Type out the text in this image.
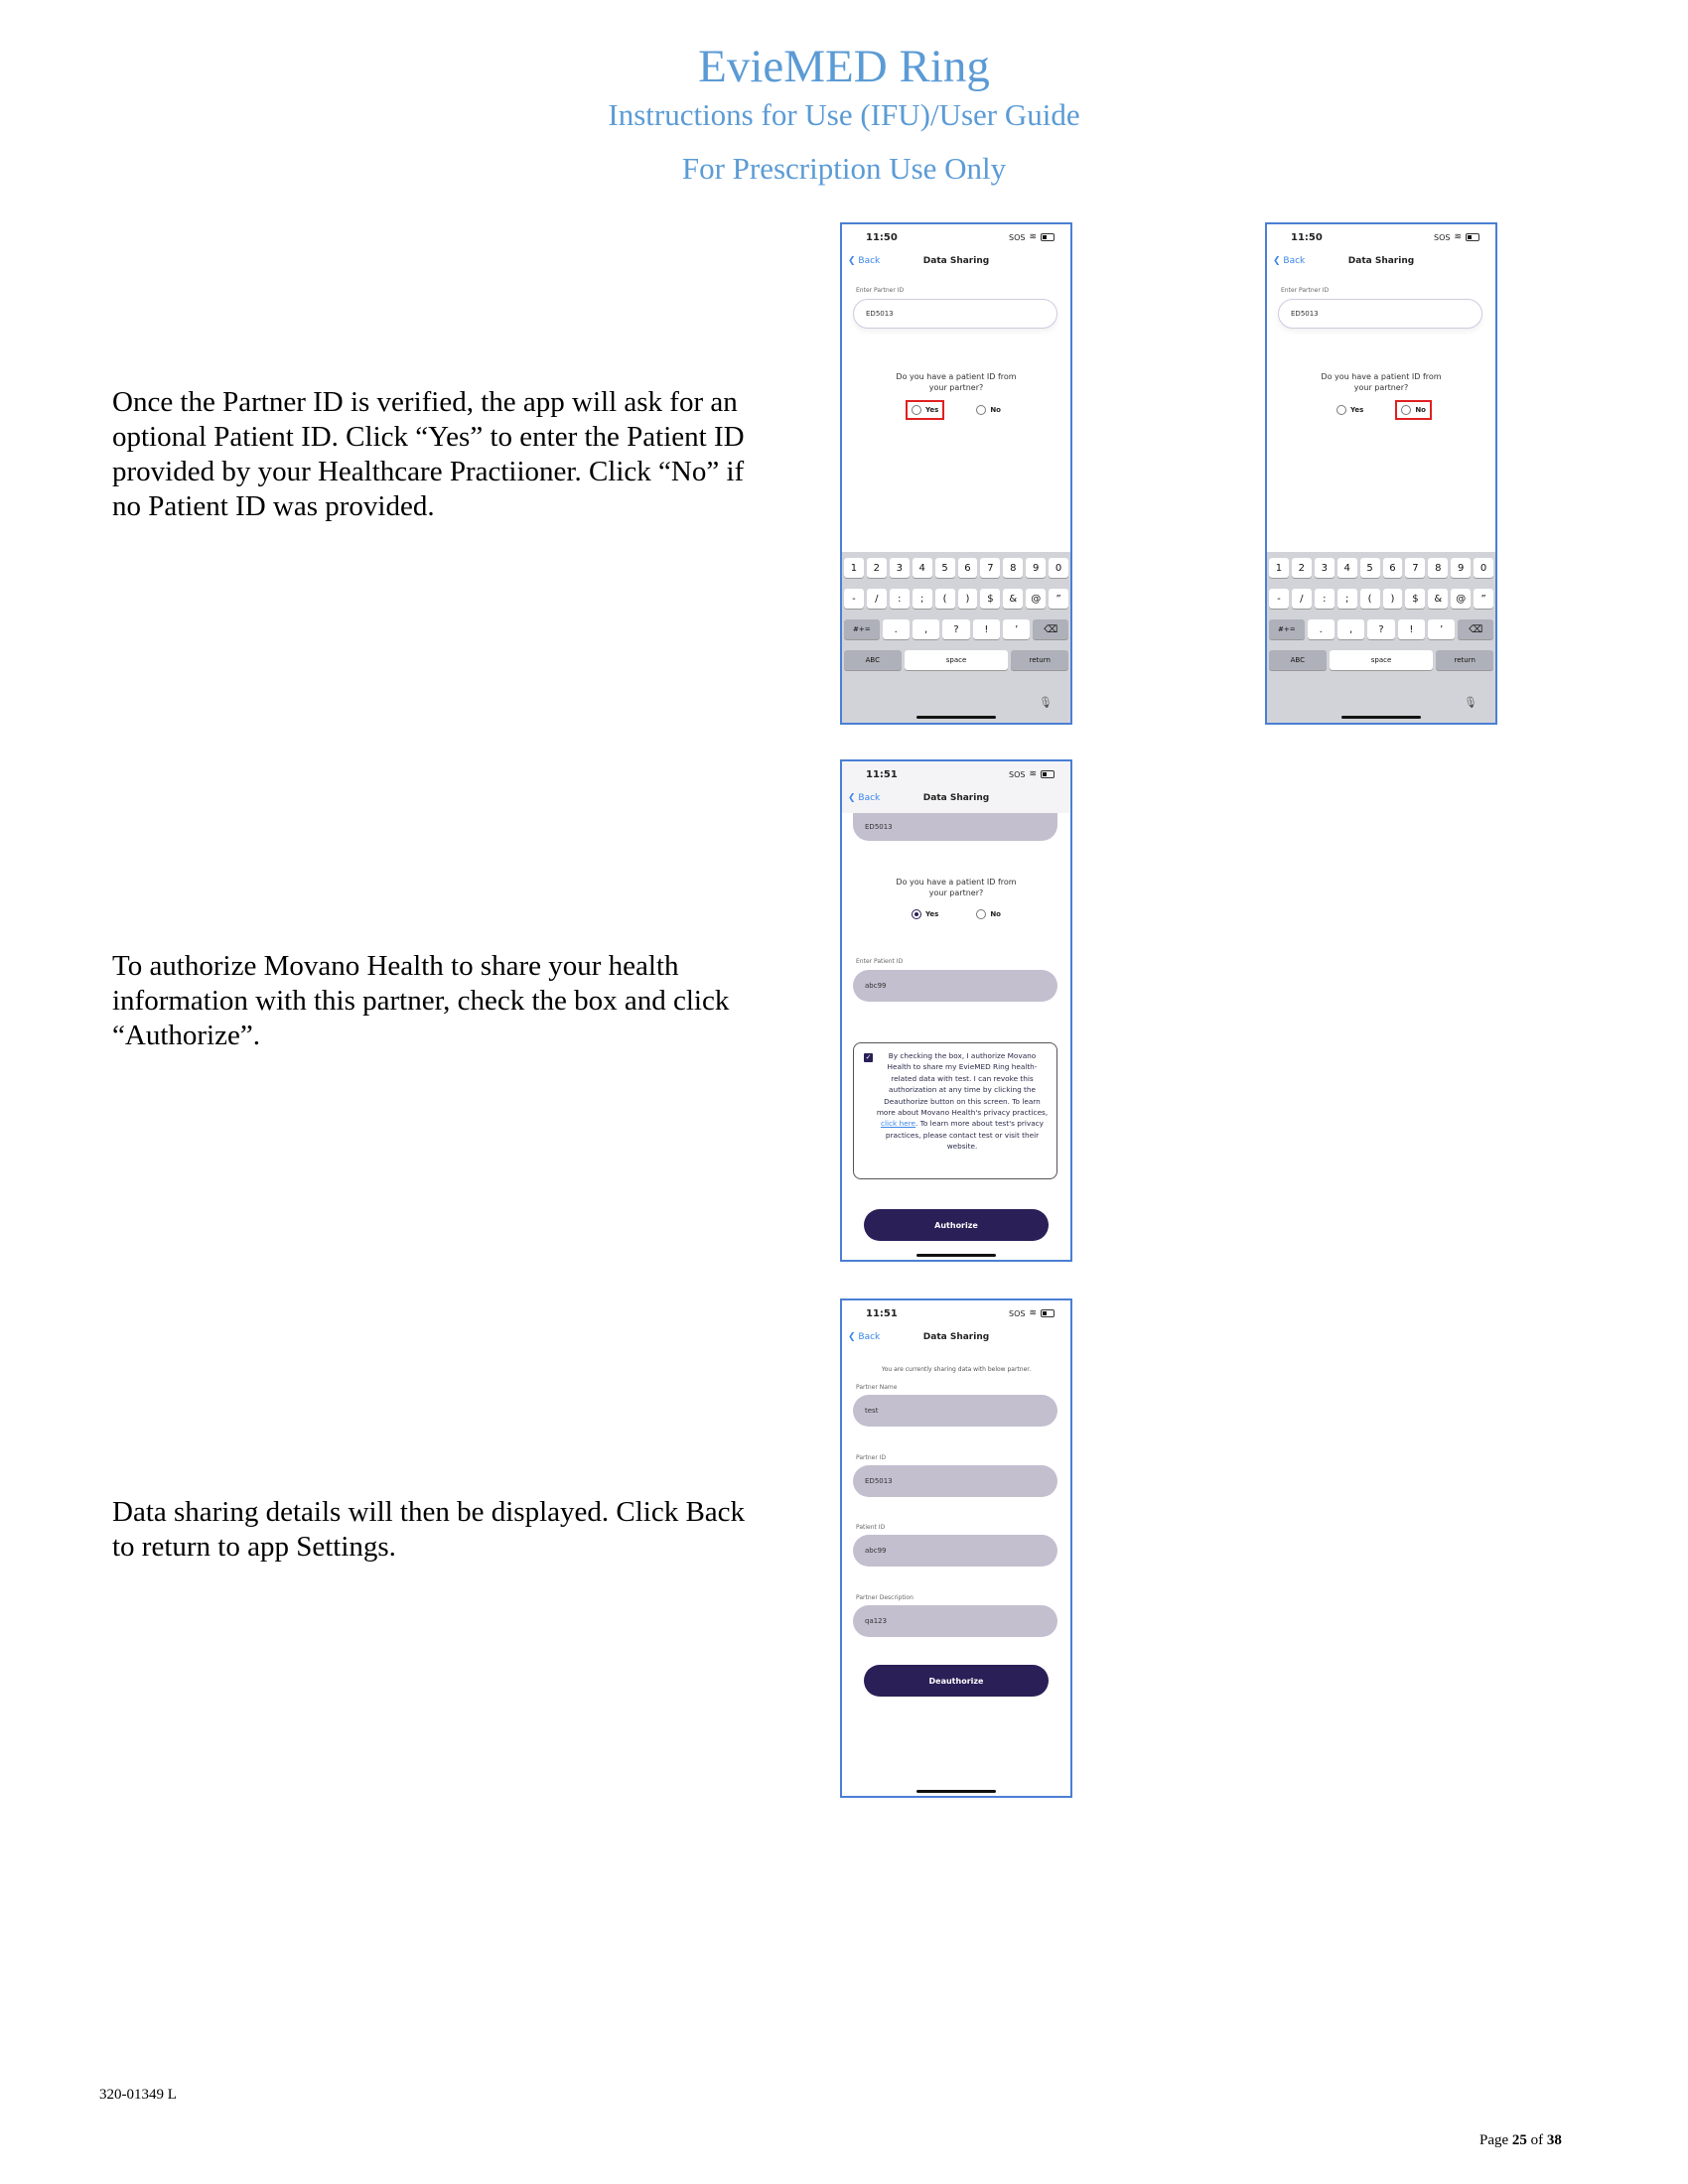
EvieMED Ring
Instructions for Use (IFU)/User Guide
For Prescription Use Only
Once the Partner ID is verified, the app will ask for an optional Patient ID. Click “Yes” to enter the Patient ID provided by your Healthcare Practiioner. Click “No” if no Patient ID was provided.
To authorize Movano Health to share your health information with this partner, check the box and click “Authorize”.
Data sharing details will then be displayed. Click Back to return to app Settings.
11:50	SOS ≋
❮ Back	Data Sharing
Enter Partner ID
ED5013
Do you have a patient ID from your partner?
Yes	No
1	2	3	4	5	6	7	8	9	0
-	/	:	;	(	)	$	&	@	”
#+=	.	,	?	!	’	⌫
ABC	space	return
🎙
11:50	SOS ≋
❮ Back	Data Sharing
Enter Partner ID
ED5013
Do you have a patient ID from your partner?
Yes	No
1	2	3	4	5	6	7	8	9	0
-	/	:	;	(	)	$	&	@	”
#+=	.	,	?	!	’	⌫
ABC	space	return
🎙
11:51	SOS ≋
❮ Back	Data Sharing
ED5013
Do you have a patient ID from your partner?
Yes	No
Enter Patient ID
abc99
✓	By checking the box, I authorize Movano Health to share my EvieMED Ring health-related data with test. I can revoke this authorization at any time by clicking the Deauthorize button on this screen. To learn more about Movano Health's privacy practices, click here. To learn more about test's privacy practices, please contact test or visit their website.
Authorize
11:51	SOS ≋
❮ Back	Data Sharing
You are currently sharing data with below partner.
Partner Name
test
Partner ID
ED5013
Patient ID
abc99
Partner Description
qa123
Deauthorize
320-01349 L
Page 25 of 38
